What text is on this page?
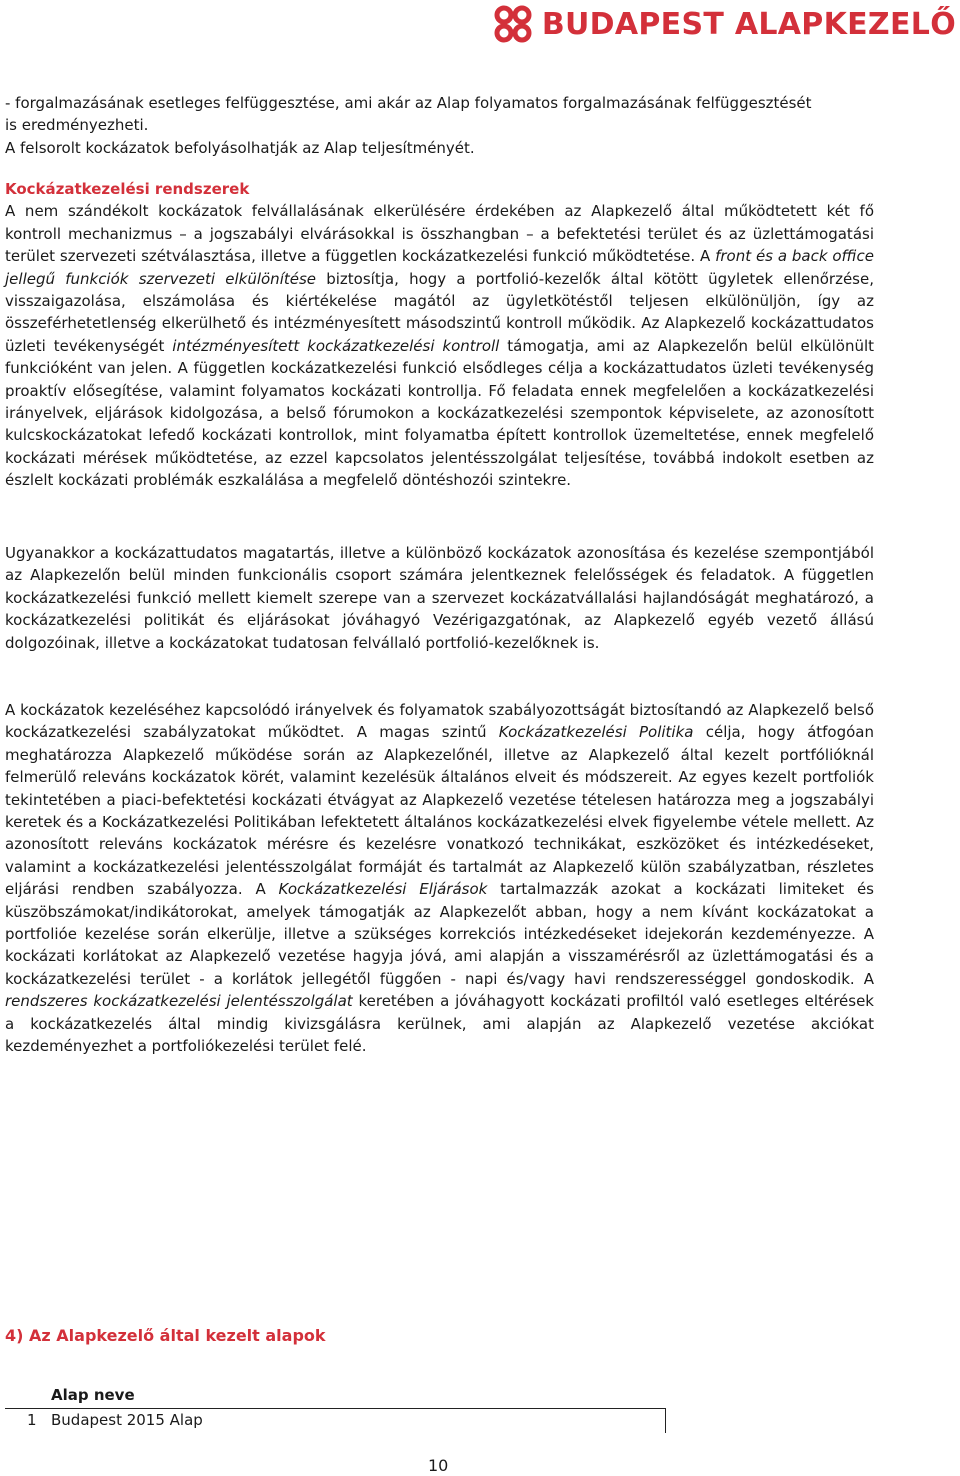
BUDAPEST ALAPKEZELŐ

- forgalmazásának esetleges felfüggesztése, ami akár az Alap folyamatos forgalmazásának felfüggesztését

is eredményezheti.

A felsorolt kockázatok befolyásolhatják az Alap teljesítményét.

Kockázatkezelési rendszerek

A nem szándékolt kockázatok felvállalásának elkerülésére érdekében az Alapkezelő által működtetett két fő kontroll mechanizmus – a jogszabályi elvárásokkal is összhangban – a befektetési terület és az üzlettámogatási terület szervezeti szétválasztása, illetve a független kockázatkezelési funkció működtetése. A front és a back office jellegű funkciók szervezeti elkülönítése biztosítja, hogy a portfolió-kezelők által kötött ügyletek ellenőrzése, visszaigazolása, elszámolása és kiértékelése magától az ügyletkötéstől teljesen elkülönüljön, így az összeférhetetlenség elkerülhető és intézményesített másodszintű kontroll működik. Az Alapkezelő kockázattudatos üzleti tevékenységét intézményesített kockázatkezelési kontroll támogatja, ami az Alapkezelőn belül elkülönült funkcióként van jelen. A független kockázatkezelési funkció elsődleges célja a kockázattudatos üzleti tevékenység proaktív elősegítése, valamint folyamatos kockázati kontrollja. Fő feladata ennek megfelelően a kockázatkezelési irányelvek, eljárások kidolgozása, a belső fórumokon a kockázatkezelési szempontok képviselete, az azonosított kulcskockázatokat lefedő kockázati kontrollok, mint folyamatba épített kontrollok üzemeltetése, ennek megfelelő kockázati mérések működtetése, az ezzel kapcsolatos jelentésszolgálat teljesítése, továbbá indokolt esetben az észlelt kockázati problémák eszkalálása a megfelelő döntéshozói szintekre.

Ugyanakkor a kockázattudatos magatartás, illetve a különböző kockázatok azonosítása és kezelése szempontjából az Alapkezelőn belül minden funkcionális csoport számára jelentkeznek felelősségek és feladatok. A független kockázatkezelési funkció mellett kiemelt szerepe van a szervezet kockázatvállalási hajlandóságát meghatározó, a kockázatkezelési politikát és eljárásokat jóváhagyó Vezérigazgatónak, az Alapkezelő egyéb vezető állású dolgozóinak, illetve a kockázatokat tudatosan felvállaló portfolió-kezelőknek is.

A kockázatok kezeléséhez kapcsolódó irányelvek és folyamatok szabályozottságát biztosítandó az Alapkezelő belső kockázatkezelési szabályzatokat működtet. A magas szintű Kockázatkezelési Politika célja, hogy átfogóan meghatározza Alapkezelő működése során az Alapkezelőnél, illetve az Alapkezelő által kezelt portfólióknál felmerülő releváns kockázatok körét, valamint kezelésük általános elveit és módszereit. Az egyes kezelt portfoliók tekintetében a piaci-befektetési kockázati étvágyat az Alapkezelő vezetése tételesen határozza meg a jogszabályi keretek és a Kockázatkezelési Politikában lefektetett általános kockázatkezelési elvek figyelembe vétele mellett. Az azonosított releváns kockázatok mérésre és kezelésre vonatkozó technikákat, eszközöket és intézkedéseket, valamint a kockázatkezelési jelentésszolgálat formáját és tartalmát az Alapkezelő külön szabályzatban, részletes eljárási rendben szabályozza. A Kockázatkezelési Eljárások tartalmazzák azokat a kockázati limiteket és küszöbszámokat/indikátorokat, amelyek támogatják az Alapkezelőt abban, hogy a nem kívánt kockázatokat a portfolióe kezelése során elkerülje, illetve a szükséges korrekciós intézkedéseket idejekorán kezdeményezze. A kockázati korlátokat az Alapkezelő vezetése hagyja jóvá, ami alapján a visszamérésről az üzlettámogatási és a kockázatkezelési terület - a korlátok jellegétől függően - napi és/vagy havi rendszerességgel gondoskodik. A rendszeres kockázatkezelési jelentésszolgálat keretében a jóváhagyott kockázati profiltól való esetleges eltérések a kockázatkezelés által mindig kivizsgálásra kerülnek, ami alapján az Alapkezelő vezetése akciókat kezdeményezhet a portfoliókezelési terület felé.

4) Az Alapkezelő által kezelt alapok
Alap neve
1 Budapest 2015 Alap
10
